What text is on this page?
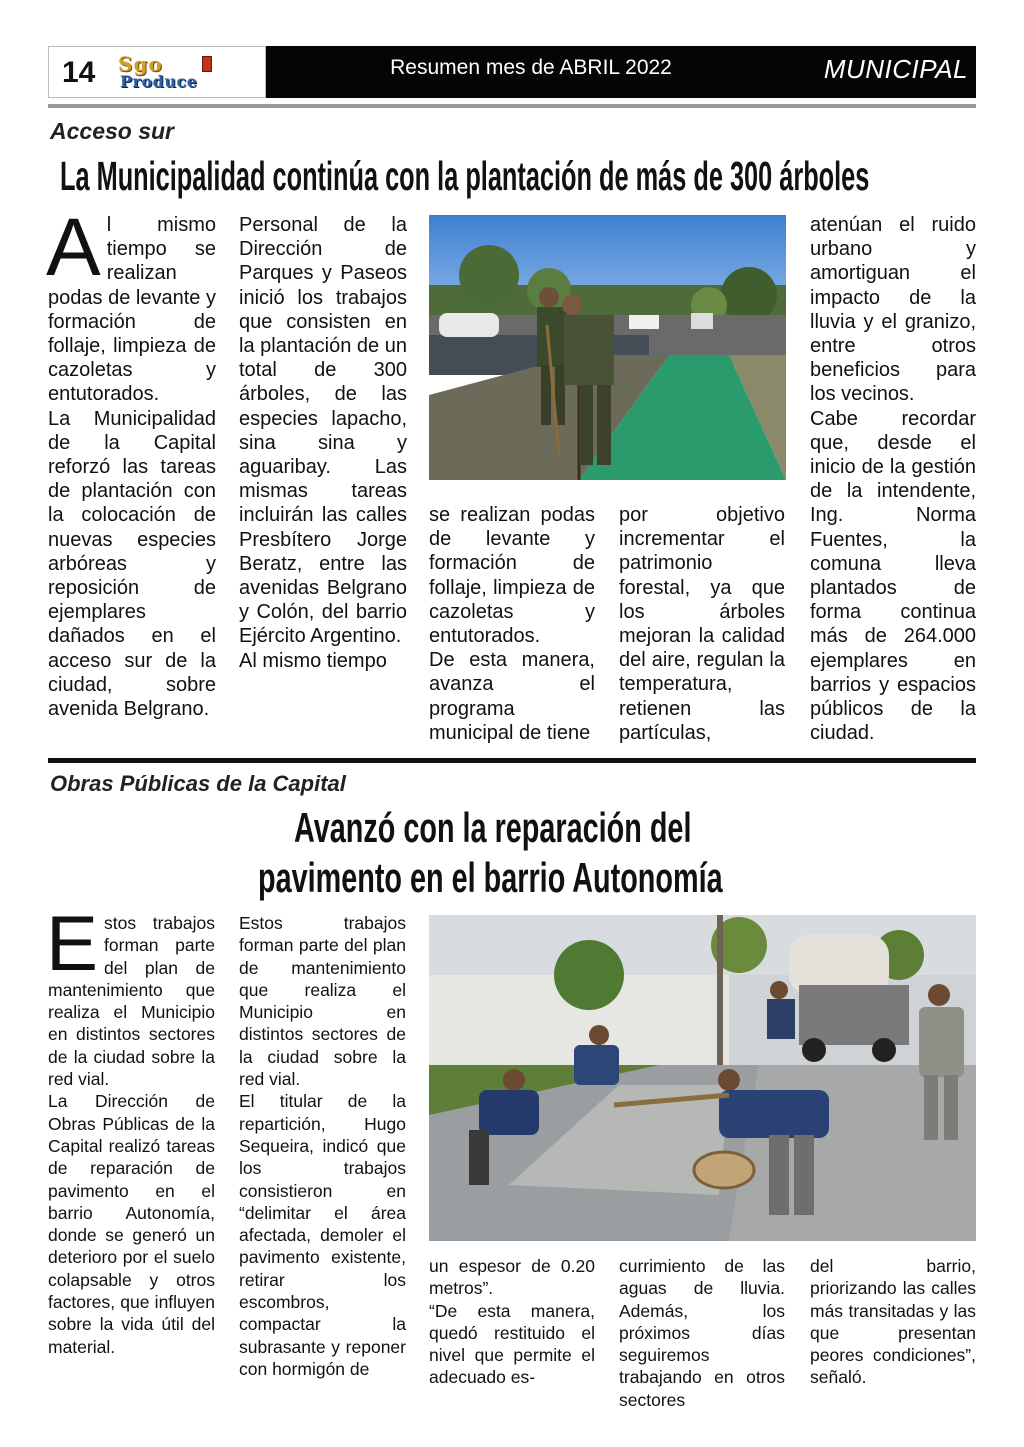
14 Sgo
Produce
Resumen mes de ABRIL 2022	MUNICIPAL
Acceso sur
La Municipalidad continúa con la plantación de más de 300 árboles
A l mismo tiempo se realizan podas de levante y formación de follaje, limpieza de cazoletas y entutorados.

La Municipalidad de la Capital reforzó las tareas de plantación con la colocación de nuevas especies arbóreas y reposición de ejemplares dañados en el acceso sur de la ciudad, sobre avenida Belgrano.

Personal de la Dirección de Parques y Paseos inició los trabajos que consisten en la plantación de un total de 300 árboles, de las especies lapacho, sina sina y aguaribay. Las mismas tareas incluirán las calles Presbítero Jorge Beratz, entre las avenidas Belgrano y Colón, del barrio Ejército Argentino.

Al mismo tiempo

se realizan podas de levante y formación de follaje, limpieza de cazoletas y entutorados.

De esta manera, avanza el programa municipal de tiene

por objetivo incrementar el patrimonio forestal, ya que los árboles mejoran la calidad del aire, regulan la temperatura, retienen las partículas,

atenúan el ruido urbano y amortiguan el impacto de la lluvia y el granizo, entre otros beneficios para los vecinos.

Cabe recordar que, desde el inicio de la gestión de la intendente, Ing. Norma Fuentes, la comuna lleva plantados de forma continua más de 264.000 ejemplares en barrios y espacios públicos de la ciudad.

Obras Públicas de la Capital
Avanzó con la reparación del
pavimento en el barrio Autonomía
E stos trabajos forman parte del plan de mantenimiento que realiza el Municipio en distintos sectores de la ciudad sobre la red vial.

La Dirección de Obras Públicas de la Capital realizó tareas de reparación de pavimento en el barrio Autonomía, donde se generó un deterioro por el suelo colapsable y otros factores, que influyen sobre la vida útil del material.

Estos trabajos forman parte del plan de mantenimiento que realiza el Municipio en distintos sectores de la ciudad sobre la red vial.

El titular de la repartición, Hugo Sequeira, indicó que los trabajos consistieron en “delimitar el área afectada, demoler el pavimento existente, retirar los escombros, compactar la subrasante y reponer con hormigón de

un espesor de 0.20 metros”.

“De esta manera, quedó restituido el nivel que permite el adecuado es-

currimiento de las aguas de lluvia. Además, los próximos días seguiremos trabajando en otros sectores

del barrio, priorizando las calles más transitadas y las que presentan peores condiciones”, señaló.
